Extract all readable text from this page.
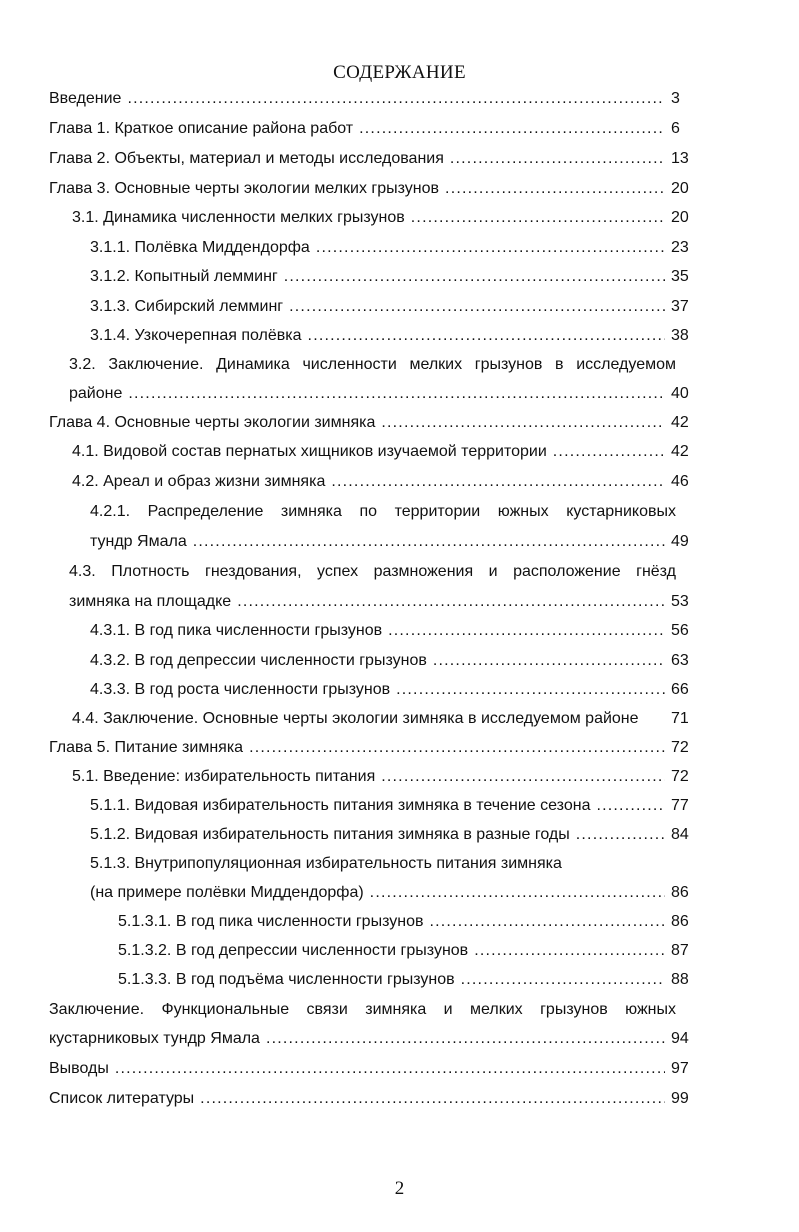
СОДЕРЖАНИЕ
Введение .....	3
Глава 1. Краткое описание района работ .....	6
Глава 2. Объекты, материал и методы исследования .....	13
Глава 3. Основные черты экологии мелких грызунов .....	20
3.1. Динамика численности мелких грызунов .....	20
3.1.1. Полёвка Миддендорфа .....	23
3.1.2. Копытный лемминг .....	35
3.1.3. Сибирский лемминг .....	37
3.1.4. Узкочерепная полёвка .....	38
3.2. Заключение. Динамика численности мелких грызунов в исследуемом
районе .....	40
Глава 4. Основные черты экологии зимняка .....	42
4.1. Видовой состав пернатых хищников изучаемой территории .....	42
4.2. Ареал и образ жизни зимняка .....	46
4.2.1. Распределение зимняка по территории южных кустарниковых
тундр Ямала .....	49
4.3. Плотность гнездования, успех размножения и расположение гнёзд
зимняка на площадке .....	53
4.3.1. В год пика численности грызунов .....	56
4.3.2. В год депрессии численности грызунов .....	63
4.3.3. В год роста численности грызунов .....	66
4.4. Заключение. Основные черты экологии зимняка в исследуемом районе 71
Глава 5. Питание зимняка .....	72
5.1. Введение: избирательность питания .....	72
5.1.1. Видовая избирательность питания зимняка в течение сезона .....	77
5.1.2. Видовая избирательность питания зимняка в разные годы .....	84
5.1.3. Внутрипопуляционная избирательность питания зимняка
(на примере полёвки Миддендорфа) .....	86
5.1.3.1. В год пика численности грызунов .....	86
5.1.3.2. В год депрессии численности грызунов .....	87
5.1.3.3. В год подъёма численности грызунов .....	88
Заключение. Функциональные связи зимняка и мелких грызунов южных
кустарниковых тундр Ямала .....	94
Выводы .....	97
Список литературы .....	99
2
